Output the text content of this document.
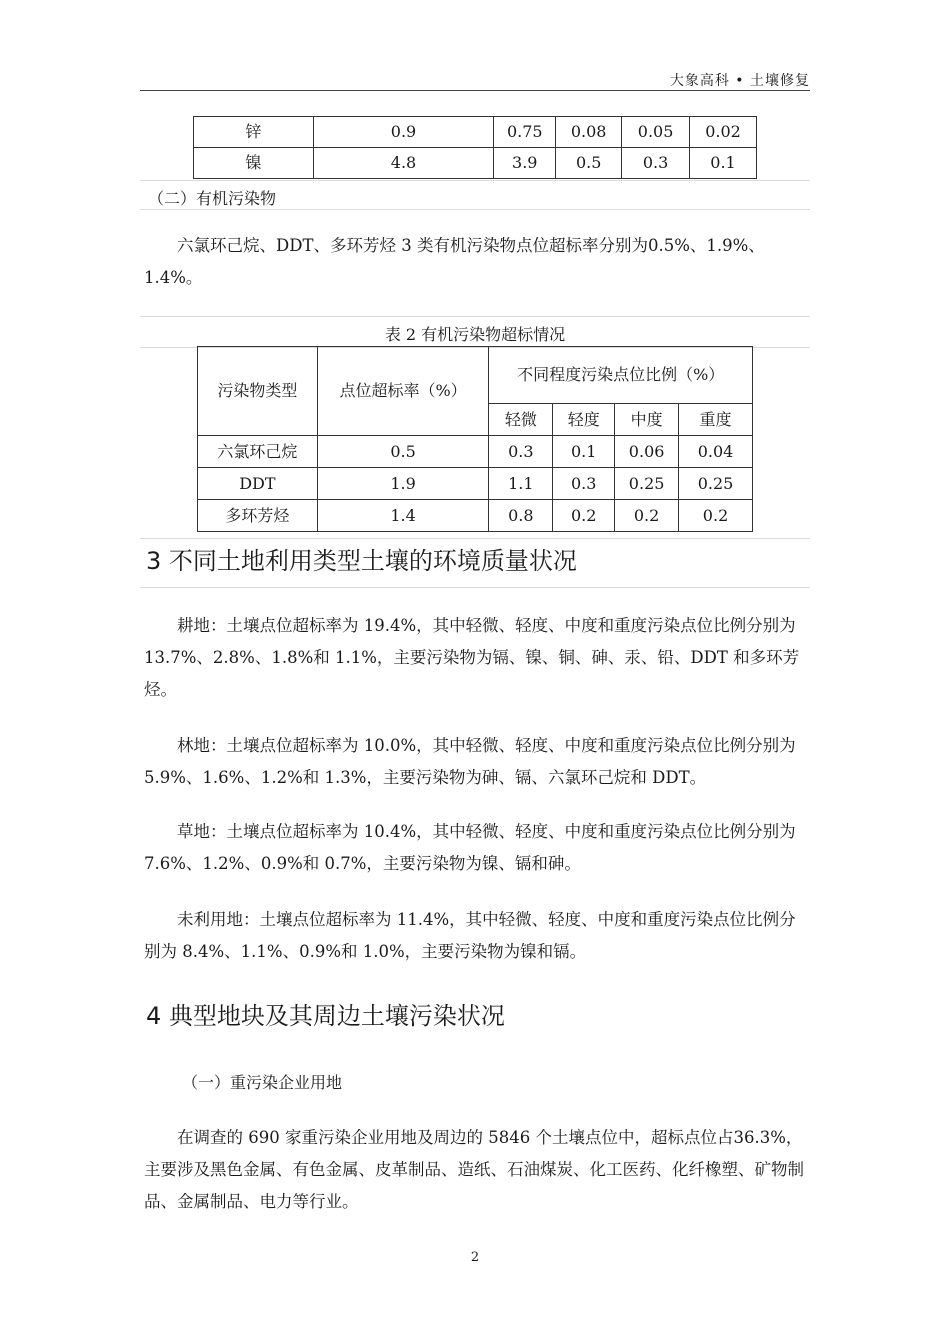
大象高科 • 土壤修复
锌	0.9	0.75	0.08	0.05	0.02
镍	4.8	3.9	0.5	0.3	0.1
（二）有机污染物
六氯环己烷、DDT、多环芳烃 3 类有机污染物点位超标率分别为0.5%、1.9%、1.4%。
表 2 有机污染物超标情况
污染物类型	点位超标率（%）	不同程度污染点位比例（%）			
		轻微	轻度	中度	重度
六氯环己烷	0.5	0.3	0.1	0.06	0.04
DDT	1.9	1.1	0.3	0.25	0.25
多环芳烃	1.4	0.8	0.2	0.2	0.2
3 不同土地利用类型土壤的环境质量状况
耕地：土壤点位超标率为 19.4%，其中轻微、轻度、中度和重度污染点位比例分别为 13.7%、2.8%、1.8%和 1.1%，主要污染物为镉、镍、铜、砷、汞、铅、DDT 和多环芳烃。
林地：土壤点位超标率为 10.0%，其中轻微、轻度、中度和重度污染点位比例分别为 5.9%、1.6%、1.2%和 1.3%，主要污染物为砷、镉、六氯环己烷和 DDT。
草地：土壤点位超标率为 10.4%，其中轻微、轻度、中度和重度污染点位比例分别为 7.6%、1.2%、0.9%和 0.7%，主要污染物为镍、镉和砷。
未利用地：土壤点位超标率为 11.4%，其中轻微、轻度、中度和重度污染点位比例分别为 8.4%、1.1%、0.9%和 1.0%，主要污染物为镍和镉。
4 典型地块及其周边土壤污染状况
（一）重污染企业用地
在调查的 690 家重污染企业用地及周边的 5846 个土壤点位中，超标点位占36.3%，主要涉及黑色金属、有色金属、皮革制品、造纸、石油煤炭、化工医药、化纤橡塑、矿物制品、金属制品、电力等行业。
2
